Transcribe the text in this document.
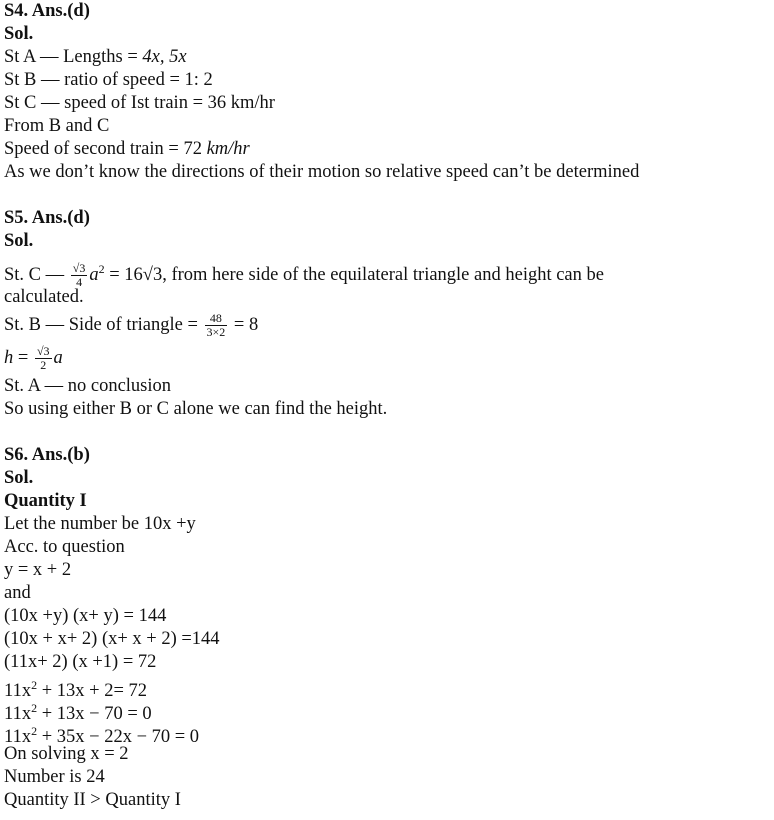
S4. Ans.(d)
Sol.
St A — Lengths = 4x, 5x
St B — ratio of speed = 1: 2
St C — speed of Ist train = 36 km/hr
From B and C
Speed of second train = 72 km/hr
As we don’t know the directions of their motion so relative speed can’t be determined
S5. Ans.(d)
Sol.
St. C — $\frac{√3}{4} a^2 = 16√3$, from here side of the equilateral triangle and height can be
calculated.
St. B — Side of triangle = $\frac{48}{3\times 2} = 8$
$h = \frac{√3}{2}$ a
St. A — no conclusion
So using either B or C alone we can find the height.
S6. Ans.(b)
Sol.
Quantity I
Let the number be 10x +y
Acc. to question
y = x + 2
and
(10x +y) (x+ y) = 144
(10x + x+ 2) (x+ x + 2) =144
(11x+ 2) (x +1) = 72
$11x^2 + 13x + 2= 72$
$11x^2 + 13x - 70 = 0$
$11x^2 + 35x - 22x - 70 = 0$
On solving x = 2
Number is 24
Quantity II > Quantity I
